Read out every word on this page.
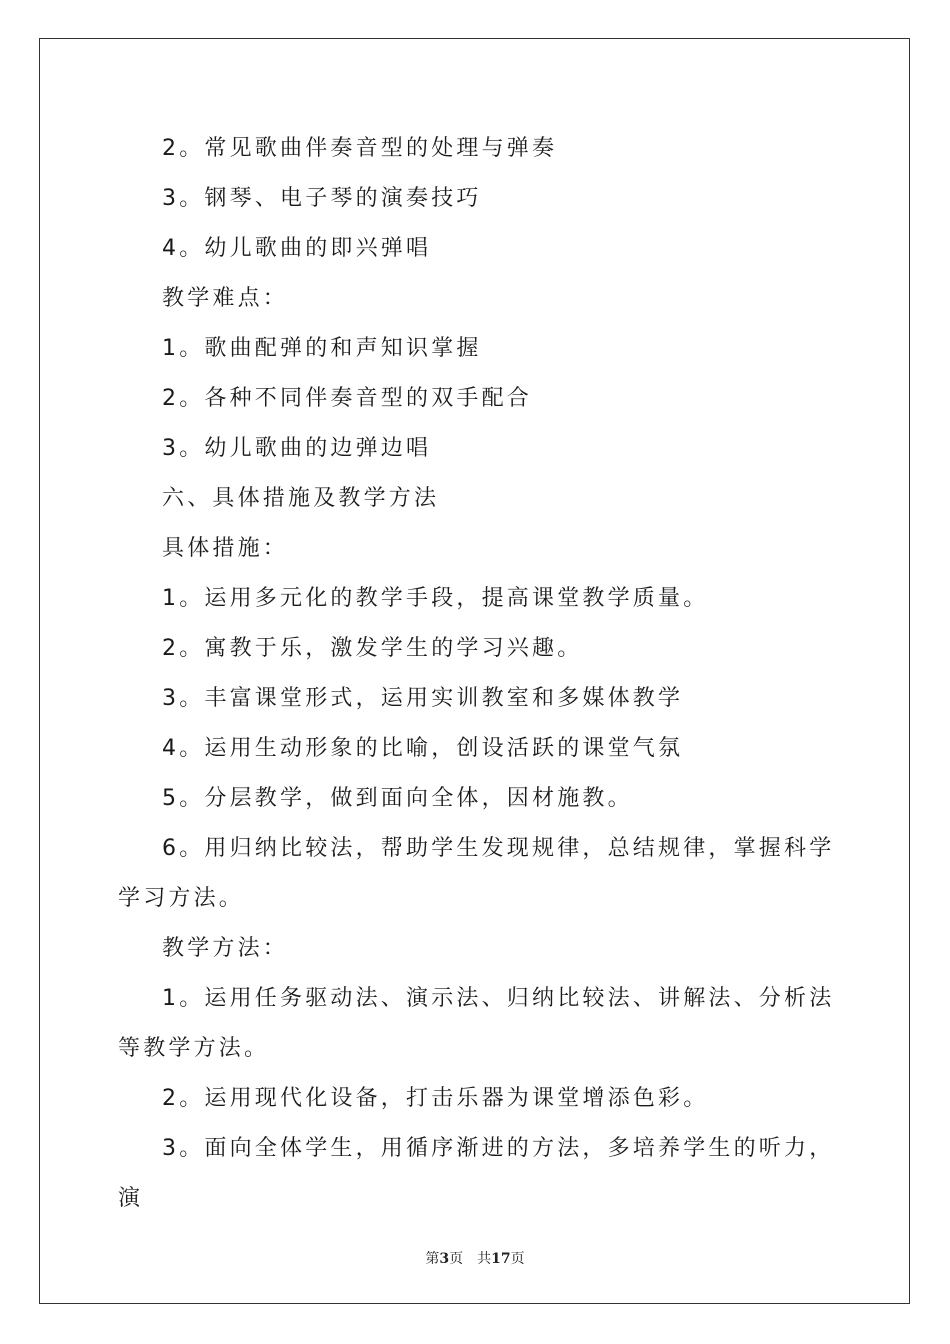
2。常见歌曲伴奏音型的处理与弹奏

3。钢琴、电子琴的演奏技巧

4。幼儿歌曲的即兴弹唱

教学难点：

1。歌曲配弹的和声知识掌握

2。各种不同伴奏音型的双手配合

3。幼儿歌曲的边弹边唱

六、具体措施及教学方法

具体措施：

1。运用多元化的教学手段，提高课堂教学质量。

2。寓教于乐，激发学生的学习兴趣。

3。丰富课堂形式，运用实训教室和多媒体教学

4。运用生动形象的比喻，创设活跃的课堂气氛

5。分层教学，做到面向全体，因材施教。

6。用归纳比较法，帮助学生发现规律，总结规律，掌握科学学习方法。

教学方法：

1。运用任务驱动法、演示法、归纳比较法、讲解法、分析法等教学方法。

2。运用现代化设备，打击乐器为课堂增添色彩。

3。面向全体学生，用循序渐进的方法，多培养学生的听力，演

第3页　共17页
